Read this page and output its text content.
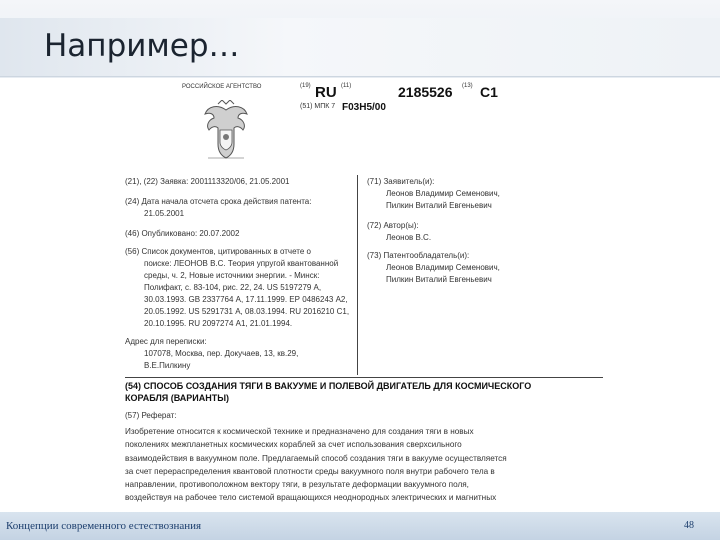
Например…
РОССИЙСКОЕ АГЕНТСТВО	(19) RU (11)	2185526 (13) C1
(51) МПК 7 F03H5/00
(21), (22) Заявка: 2001113320/06, 21.05.2001
(24) Дата начала отсчета срока действия патента:
21.05.2001
(46) Опубликовано: 20.07.2002
(56) Список документов, цитированных в отчете о
поиске: ЛЕОНОВ В.С. Теория упругой квантованной
среды, ч. 2, Новые источники энергии. - Минск:
Полифакт, с. 83-104, рис. 22, 24. US 5197279 А,
30.03.1993. GB 2337764 А, 17.11.1999. ЕР 0486243 А2,
20.05.1992. US 5291731 А, 08.03.1994. RU 2016210 С1,
20.10.1995. RU 2097274 А1, 21.01.1994.
Адрес для переписки:
107078, Москва, пер. Докучаев, 13, кв.29,
В.Е.Пилкину
(71) Заявитель(и):
Леонов Владимир Семенович,
Пилкин Виталий Евгеньевич
(72) Автор(ы):
Леонов В.С.
(73) Патентообладатель(и):
Леонов Владимир Семенович,
Пилкин Виталий Евгеньевич
(54) СПОСОБ СОЗДАНИЯ ТЯГИ В ВАКУУМЕ И ПОЛЕВОЙ ДВИГАТЕЛЬ ДЛЯ КОСМИЧЕСКОГО
КОРАБЛЯ (ВАРИАНТЫ)
(57) Реферат:

Изобретение относится к космической технике и предназначено для создания тяги в новых

поколениях межпланетных космических кораблей за счет использования сверхсильного

взаимодействия в вакуумном поле. Предлагаемый способ создания тяги в вакууме осуществляется

за счет перераспределения квантовой плотности среды вакуумного поля внутри рабочего тела в

направлении, противоположном вектору тяги, в результате деформации вакуумного поля,

воздействуя на рабочее тело системой вращающихся неоднородных электрических и магнитных

Концепции современного естествознания	48
